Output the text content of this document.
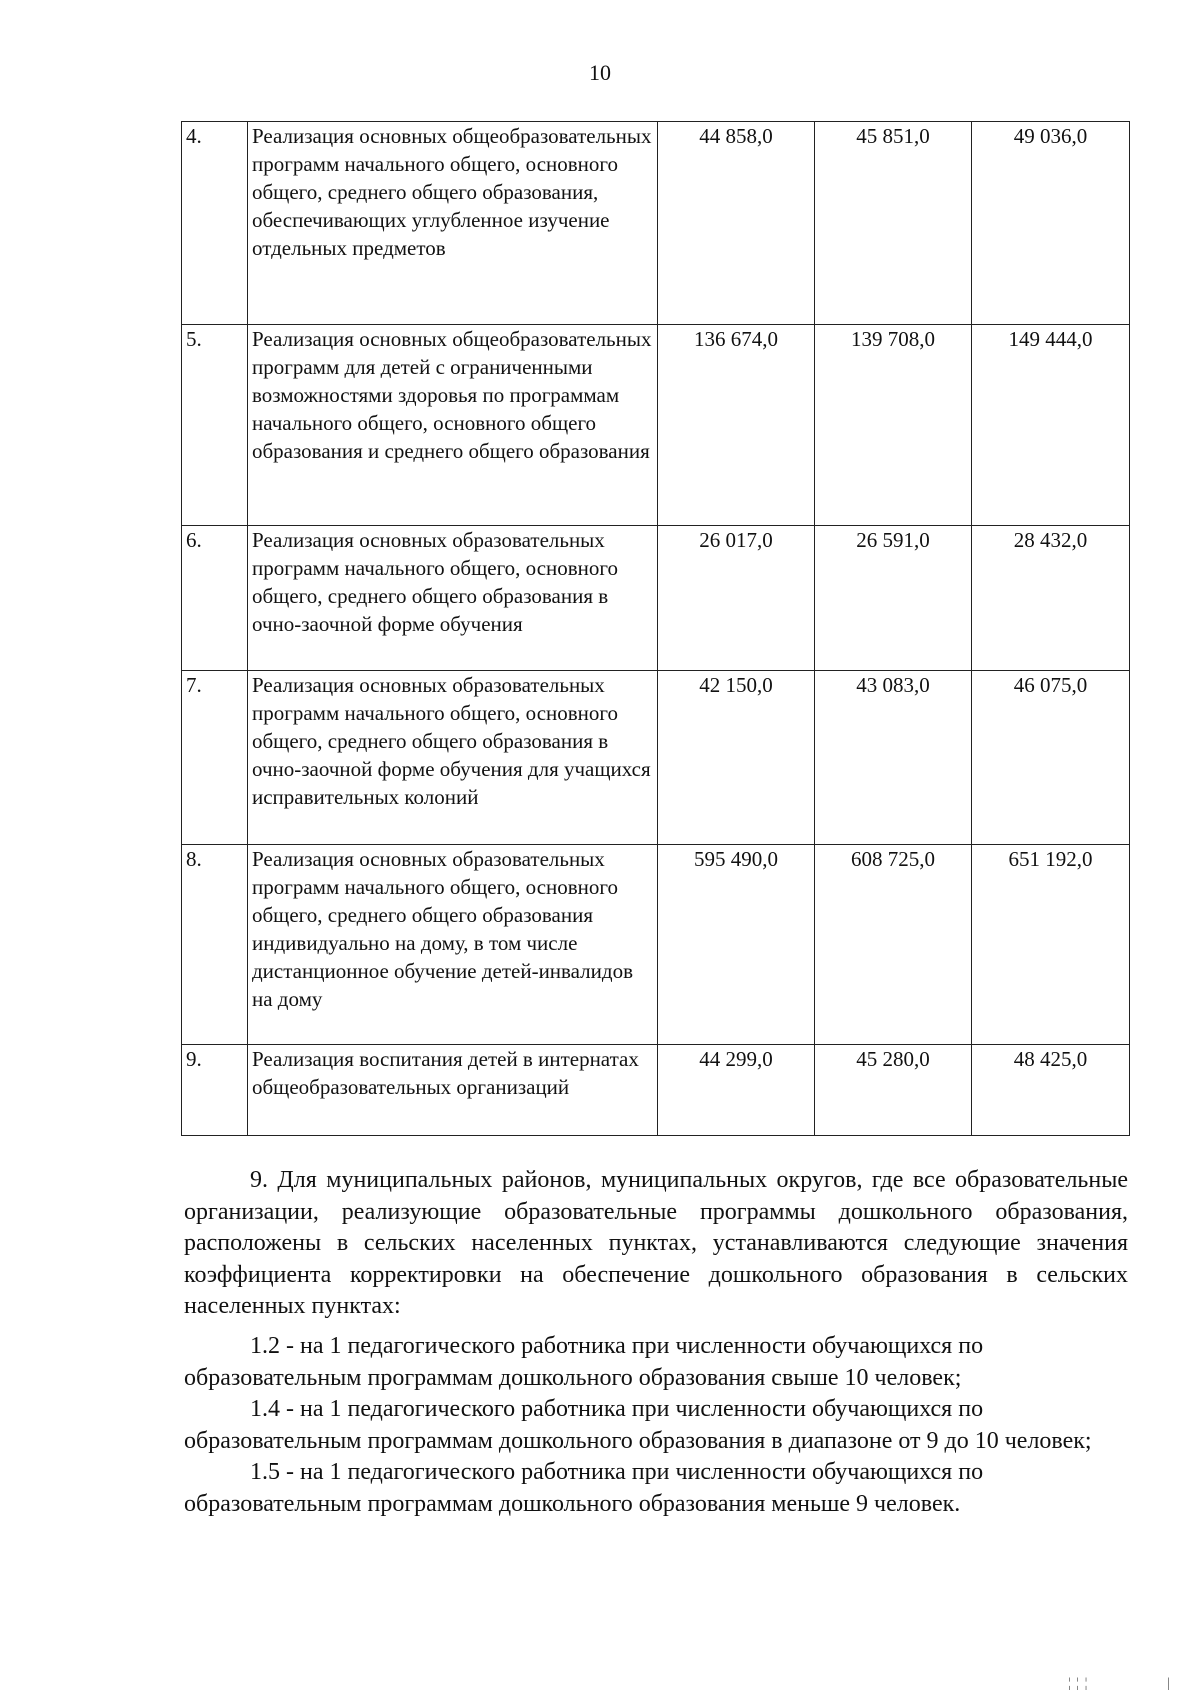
10
4.	Реализация основных общеобразовательных программ начального общего, основного общего, среднего общего образования, обеспечивающих углубленное изучение отдельных предметов	44 858,0	45 851,0	49 036,0
5.	Реализация основных общеобразовательных программ для детей с ограниченными возможностями здоровья по программам начального общего, основного общего образования и среднего общего образования	136 674,0	139 708,0	149 444,0
6.	Реализация основных образовательных программ начального общего, основного общего, среднего общего образования в очно-заочной форме обучения	26 017,0	26 591,0	28 432,0
7.	Реализация основных образовательных программ начального общего, основного общего, среднего общего образования в очно-заочной форме обучения для учащихся исправительных колоний	42 150,0	43 083,0	46 075,0
8.	Реализация основных образовательных программ начального общего, основного общего, среднего общего образования индивидуально на дому, в том числе дистанционное обучение детей-инвалидов на дому	595 490,0	608 725,0	651 192,0
9.	Реализация воспитания детей в интернатах общеобразовательных организаций	44 299,0	45 280,0	48 425,0
9. Для муниципальных районов, муниципальных округов, где все образовательные организации, реализующие образовательные программы дошкольного образования, расположены в сельских населенных пунктах, устанавливаются следующие значения коэффициента корректировки на обеспечение дошкольного образования в сельских населенных пунктах:
1.2 - на 1 педагогического работника при численности обучающихся по образовательным программам дошкольного образования свыше 10 человек;
1.4 - на 1 педагогического работника при численности обучающихся по образовательным программам дошкольного образования в диапазоне от 9 до 10 человек;
1.5 - на 1 педагогического работника при численности обучающихся по образовательным программам дошкольного образования меньше 9 человек.
¦ ¦ ¦	|
